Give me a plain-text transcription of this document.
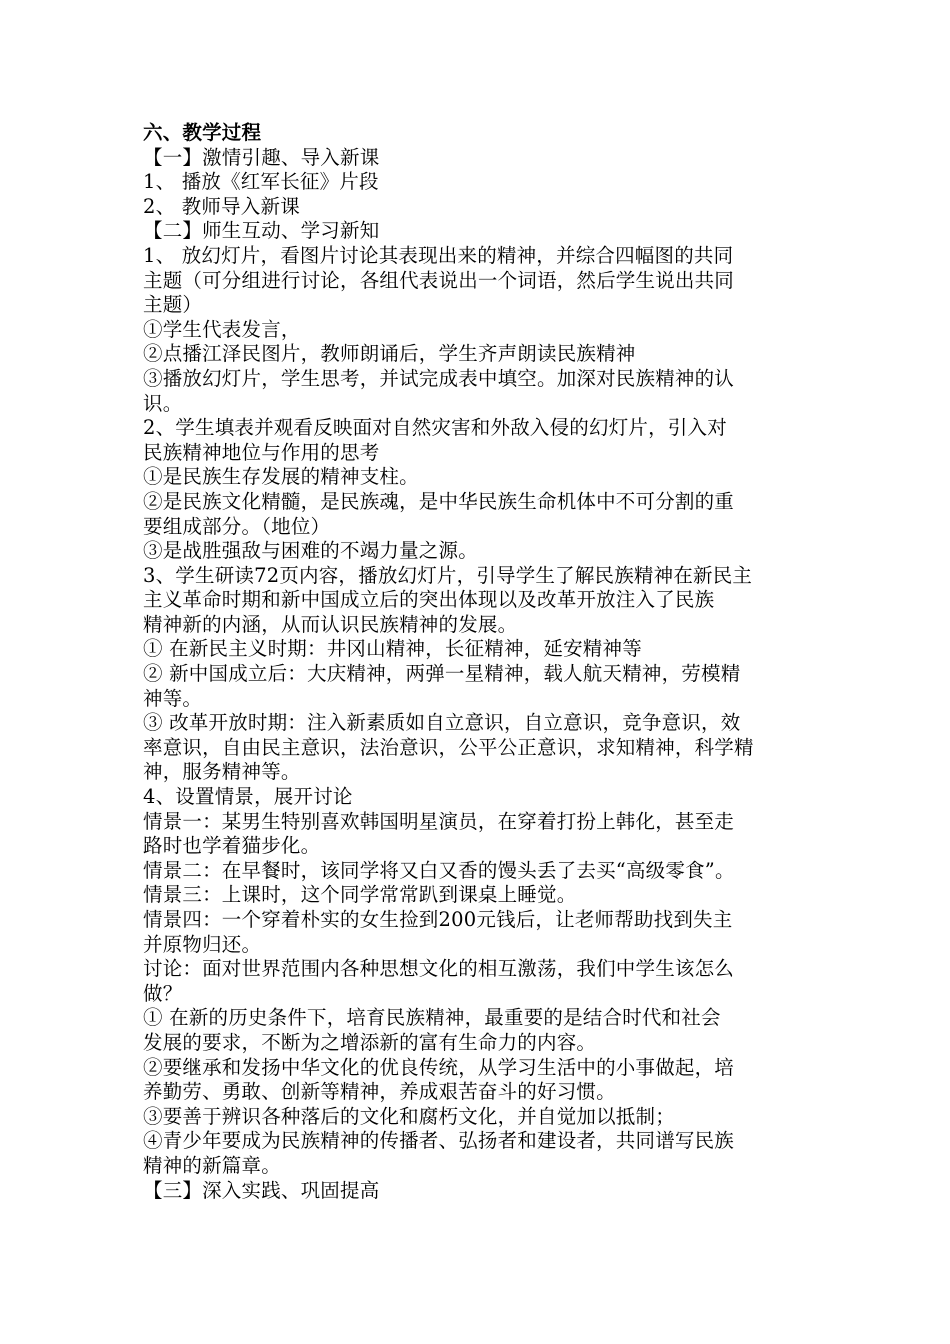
六、教学过程
【一】激情引趣、导入新课
1、 播放《红军长征》片段
2、 教师导入新课
【二】师生互动、学习新知
1、 放幻灯片，看图片讨论其表现出来的精神，并综合四幅图的共同
主题（可分组进行讨论，各组代表说出一个词语，然后学生说出共同
主题）
①学生代表发言，
②点播江泽民图片，教师朗诵后，学生齐声朗读民族精神
③播放幻灯片，学生思考，并试完成表中填空。加深对民族精神的认
识。
2、学生填表并观看反映面对自然灾害和外敌入侵的幻灯片，引入对
民族精神地位与作用的思考
①是民族生存发展的精神支柱。
②是民族文化精髓，是民族魂，是中华民族生命机体中不可分割的重
要组成部分。（地位）
③是战胜强敌与困难的不竭力量之源。
3、学生研读72页内容，播放幻灯片，引导学生了解民族精神在新民主
主义革命时期和新中国成立后的突出体现以及改革开放注入了民族
精神新的内涵，从而认识民族精神的发展。
① 在新民主义时期：井冈山精神，长征精神，延安精神等
② 新中国成立后：大庆精神，两弹一星精神，载人航天精神，劳模精
神等。
③ 改革开放时期：注入新素质如自立意识，自立意识，竞争意识，效
率意识，自由民主意识，法治意识，公平公正意识，求知精神，科学精
神，服务精神等。
4、设置情景，展开讨论
情景一：某男生特别喜欢韩国明星演员，在穿着打扮上韩化，甚至走
路时也学着猫步化。
情景二：在早餐时，该同学将又白又香的馒头丢了去买“高级零食”。
情景三：上课时，这个同学常常趴到课桌上睡觉。
情景四：一个穿着朴实的女生捡到200元钱后，让老师帮助找到失主
并原物归还。
讨论：面对世界范围内各种思想文化的相互激荡，我们中学生该怎么
做？
① 在新的历史条件下，培育民族精神，最重要的是结合时代和社会
发展的要求，不断为之增添新的富有生命力的内容。
②要继承和发扬中华文化的优良传统，从学习生活中的小事做起，培
养勤劳、勇敢、创新等精神，养成艰苦奋斗的好习惯。
③要善于辨识各种落后的文化和腐朽文化，并自觉加以抵制；
④青少年要成为民族精神的传播者、弘扬者和建设者，共同谱写民族
精神的新篇章。
【三】深入实践、巩固提高
